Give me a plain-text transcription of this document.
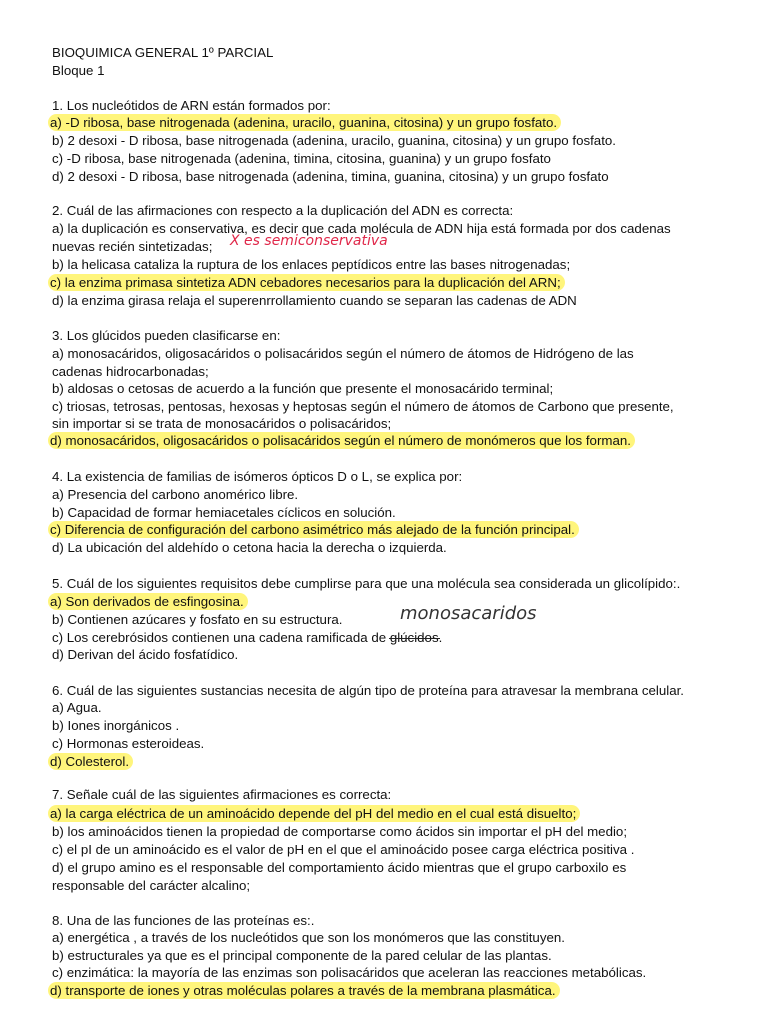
BIOQUIMICA GENERAL 1º PARCIAL
Bloque 1
1. Los nucleótidos de ARN están formados por:
a) -D ribosa, base nitrogenada (adenina, uracilo, guanina, citosina) y un grupo fosfato.
b) 2 desoxi - D ribosa, base nitrogenada (adenina, uracilo, guanina, citosina) y un grupo fosfato.
c) -D ribosa, base nitrogenada (adenina, timina, citosina, guanina) y un grupo fosfato
d) 2 desoxi - D ribosa, base nitrogenada (adenina, timina, guanina, citosina) y un grupo fosfato
2. Cuál de las afirmaciones con respecto a la duplicación del ADN es correcta:
a) la duplicación es conservativa, es decir que cada molécula de ADN hija está formada por dos cadenas
nuevas recién sintetizadas; X es semiconservativa
b) la helicasa cataliza la ruptura de los enlaces peptídicos entre las bases nitrogenadas;
c) la enzima primasa sintetiza ADN cebadores necesarios para la duplicación del ARN;
d) la enzima girasa relaja el superenrrollamiento cuando se separan las cadenas de ADN
3. Los glúcidos pueden clasificarse en:
a) monosacáridos, oligosacáridos o polisacáridos según el número de átomos de Hidrógeno de las
cadenas hidrocarbonadas;
b) aldosas o cetosas de acuerdo a la función que presente el monosacárido terminal;
c) triosas, tetrosas, pentosas, hexosas y heptosas según el número de átomos de Carbono que presente,
sin importar si se trata de monosacáridos o polisacáridos;
d) monosacáridos, oligosacáridos o polisacáridos según el número de monómeros que los forman.
4. La existencia de familias de isómeros ópticos D o L, se explica por:
a) Presencia del carbono anomérico libre.
b) Capacidad de formar hemiacetales cíclicos en solución.
c) Diferencia de configuración del carbono asimétrico más alejado de la función principal.
d) La ubicación del aldehído o cetona hacia la derecha o izquierda.
5. Cuál de los siguientes requisitos debe cumplirse para que una molécula sea considerada un glicolípido:.
a) Son derivados de esfingosina.
b) Contienen azúcares y fosfato en su estructura.	monosacaridos
c) Los cerebrósidos contienen una cadena ramificada de glúcidos.
d) Derivan del ácido fosfatídico.
6. Cuál de las siguientes sustancias necesita de algún tipo de proteína para atravesar la membrana celular.
a) Agua.
b) Iones inorgánicos .
c) Hormonas esteroideas.
d) Colesterol.
7. Señale cuál de las siguientes afirmaciones es correcta:
a) la carga eléctrica de un aminoácido depende del pH del medio en el cual está disuelto;
b) los aminoácidos tienen la propiedad de comportarse como ácidos sin importar el pH del medio;
c) el pI de un aminoácido es el valor de pH en el que el aminoácido posee carga eléctrica positiva .
d) el grupo amino es el responsable del comportamiento ácido mientras que el grupo carboxilo es
responsable del carácter alcalino;
8. Una de las funciones de las proteínas es:.
a) energética , a través de los nucleótidos que son los monómeros que las constituyen.
b) estructurales ya que es el principal componente de la pared celular de las plantas.
c) enzimática: la mayoría de las enzimas son polisacáridos que aceleran las reacciones metabólicas.
d) transporte de iones y otras moléculas polares a través de la membrana plasmática.
